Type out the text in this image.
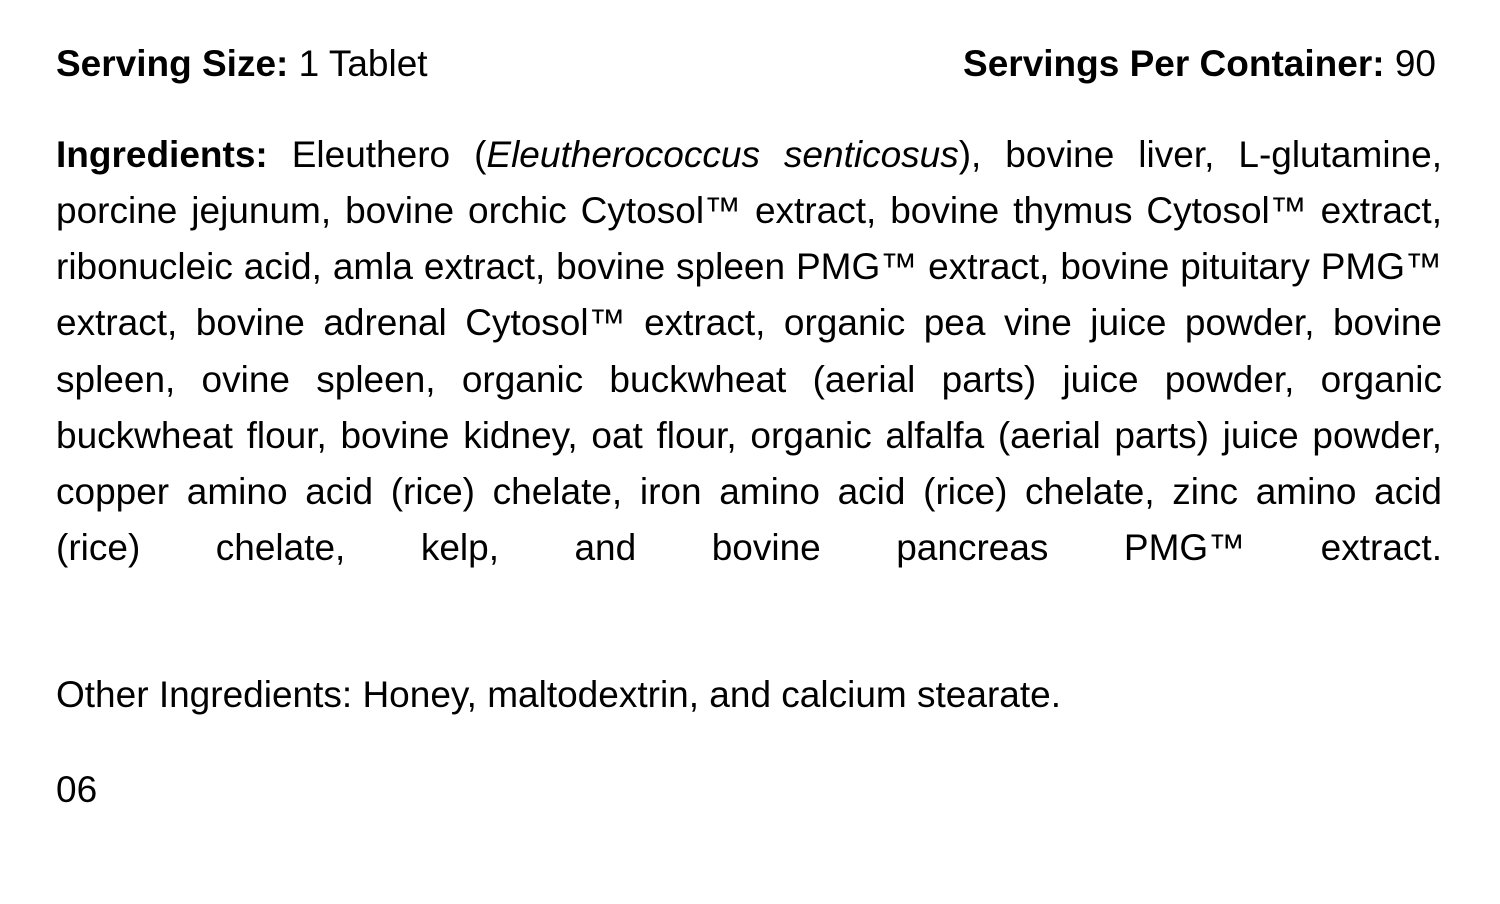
Serving Size: 1 Tablet	Servings Per Container: 90

Ingredients: Eleuthero (Eleutherococcus senticosus), bovine liver, L-glutamine, porcine jejunum, bovine orchic Cytosol™ extract, bovine thymus Cytosol™ extract, ribonucleic acid, amla extract, bovine spleen PMG™ extract, bovine pituitary PMG™ extract, bovine adrenal Cytosol™ extract, organic pea vine juice powder, bovine spleen, ovine spleen, organic buckwheat (aerial parts) juice powder, organic buckwheat flour, bovine kidney, oat flour, organic alfalfa (aerial parts) juice powder, copper amino acid (rice) chelate, iron amino acid (rice) chelate, zinc amino acid (rice) chelate, kelp, and bovine pancreas PMG™ extract.

Other Ingredients: Honey, maltodextrin, and calcium stearate.

06
